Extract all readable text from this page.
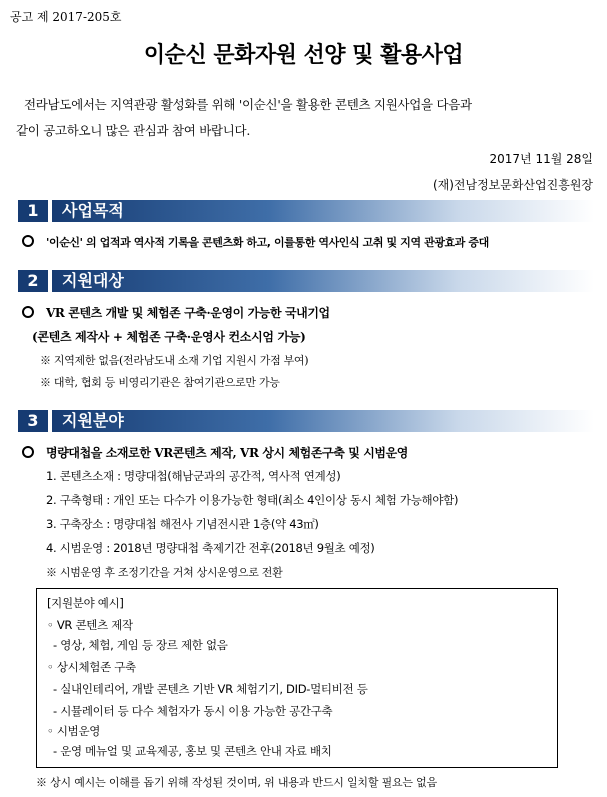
공고 제 2017-205호
이순신 문화자원 선양 및 활용사업
전라남도에서는 지역관광 활성화를 위해 '이순신'을 활용한 콘텐츠 지원사업을 다음과
같이 공고하오니 많은 관심과 참여 바랍니다.
2017년 11월 28일
(재)전남정보문화산업진흥원장
1	사업목적
'이순신' 의 업적과 역사적 기록을 콘텐츠화 하고, 이를통한 역사인식 고취 및 지역 관광효과 증대
2	지원대상
VR 콘텐츠 개발 및 체험존 구축·운영이 가능한 국내기업
(콘텐츠 제작사 + 체험존 구축·운영사 컨소시엄 가능)
※ 지역제한 없음(전라남도내 소재 기업 지원시 가점 부여)
※ 대학, 협회 등 비영리기관은 참여기관으로만 가능
3	지원분야
명량대첩을 소재로한 VR콘텐츠 제작, VR 상시 체험존구축 및 시범운영
1. 콘텐츠소재 : 명량대첩(해남군과의 공간적, 역사적 연계성)
2. 구축형태 : 개인 또는 다수가 이용가능한 형태(최소 4인이상 동시 체험 가능해야함)
3. 구축장소 : 명량대첩 해전사 기념전시관 1층(약 43㎡)
4. 시범운영 : 2018년 명량대첩 축제기간 전후(2018년 9월초 예정)
※ 시범운영 후 조정기간을 거쳐 상시운영으로 전환
[지원분야 예시]
◦ VR 콘텐츠 제작
- 영상, 체험, 게임 등 장르 제한 없음
◦ 상시체험존 구축
- 실내인테리어, 개발 콘텐츠 기반 VR 체험기기, DID-멀티비전 등
- 시뮬레이터 등 다수 체험자가 동시 이용 가능한 공간구축
◦ 시범운영
- 운영 메뉴얼 및 교육제공, 홍보 및 콘텐츠 안내 자료 배치
※ 상시 예시는 이해를 돕기 위해 작성된 것이며, 위 내용과 반드시 일치할 필요는 없음
